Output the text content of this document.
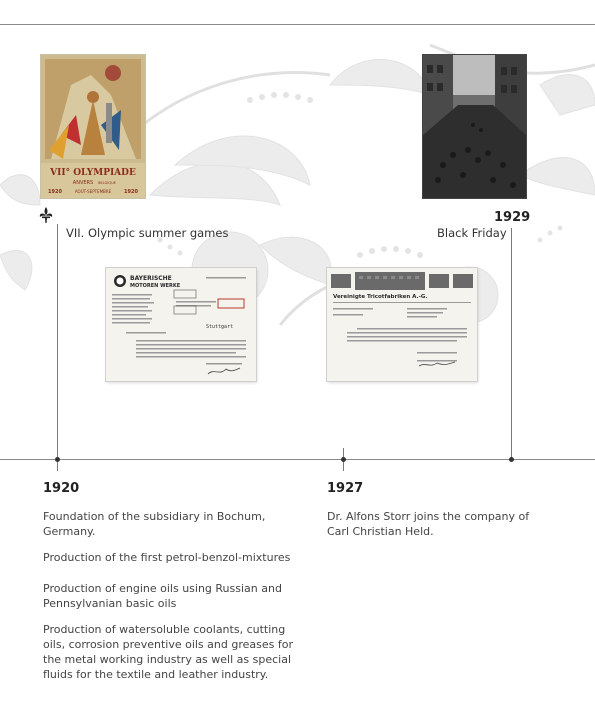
VII° OLYMPIADE
ANVERS BELGIQUE
1920	AOÛT-SEPTEMBRE	1920
BAYERISCHE
MOTOREN WERKE
Stuttgart
Vereinigte Tricotfabriken A.-G.
VII. Olympic summer games
1929
Black Friday
1920

Foundation of the subsidiary in Bochum, Germany.

Production of the first petrol-benzol-mixtures

Production of engine oils using Russian and Pennsylvanian basic oils

Production of watersoluble coolants, cutting oils, corrosion preventive oils and greases for the metal working industry as well as special fluids for the textile and leather industry.

1927

Dr. Alfons Storr joins the company of Carl Christian Held.
